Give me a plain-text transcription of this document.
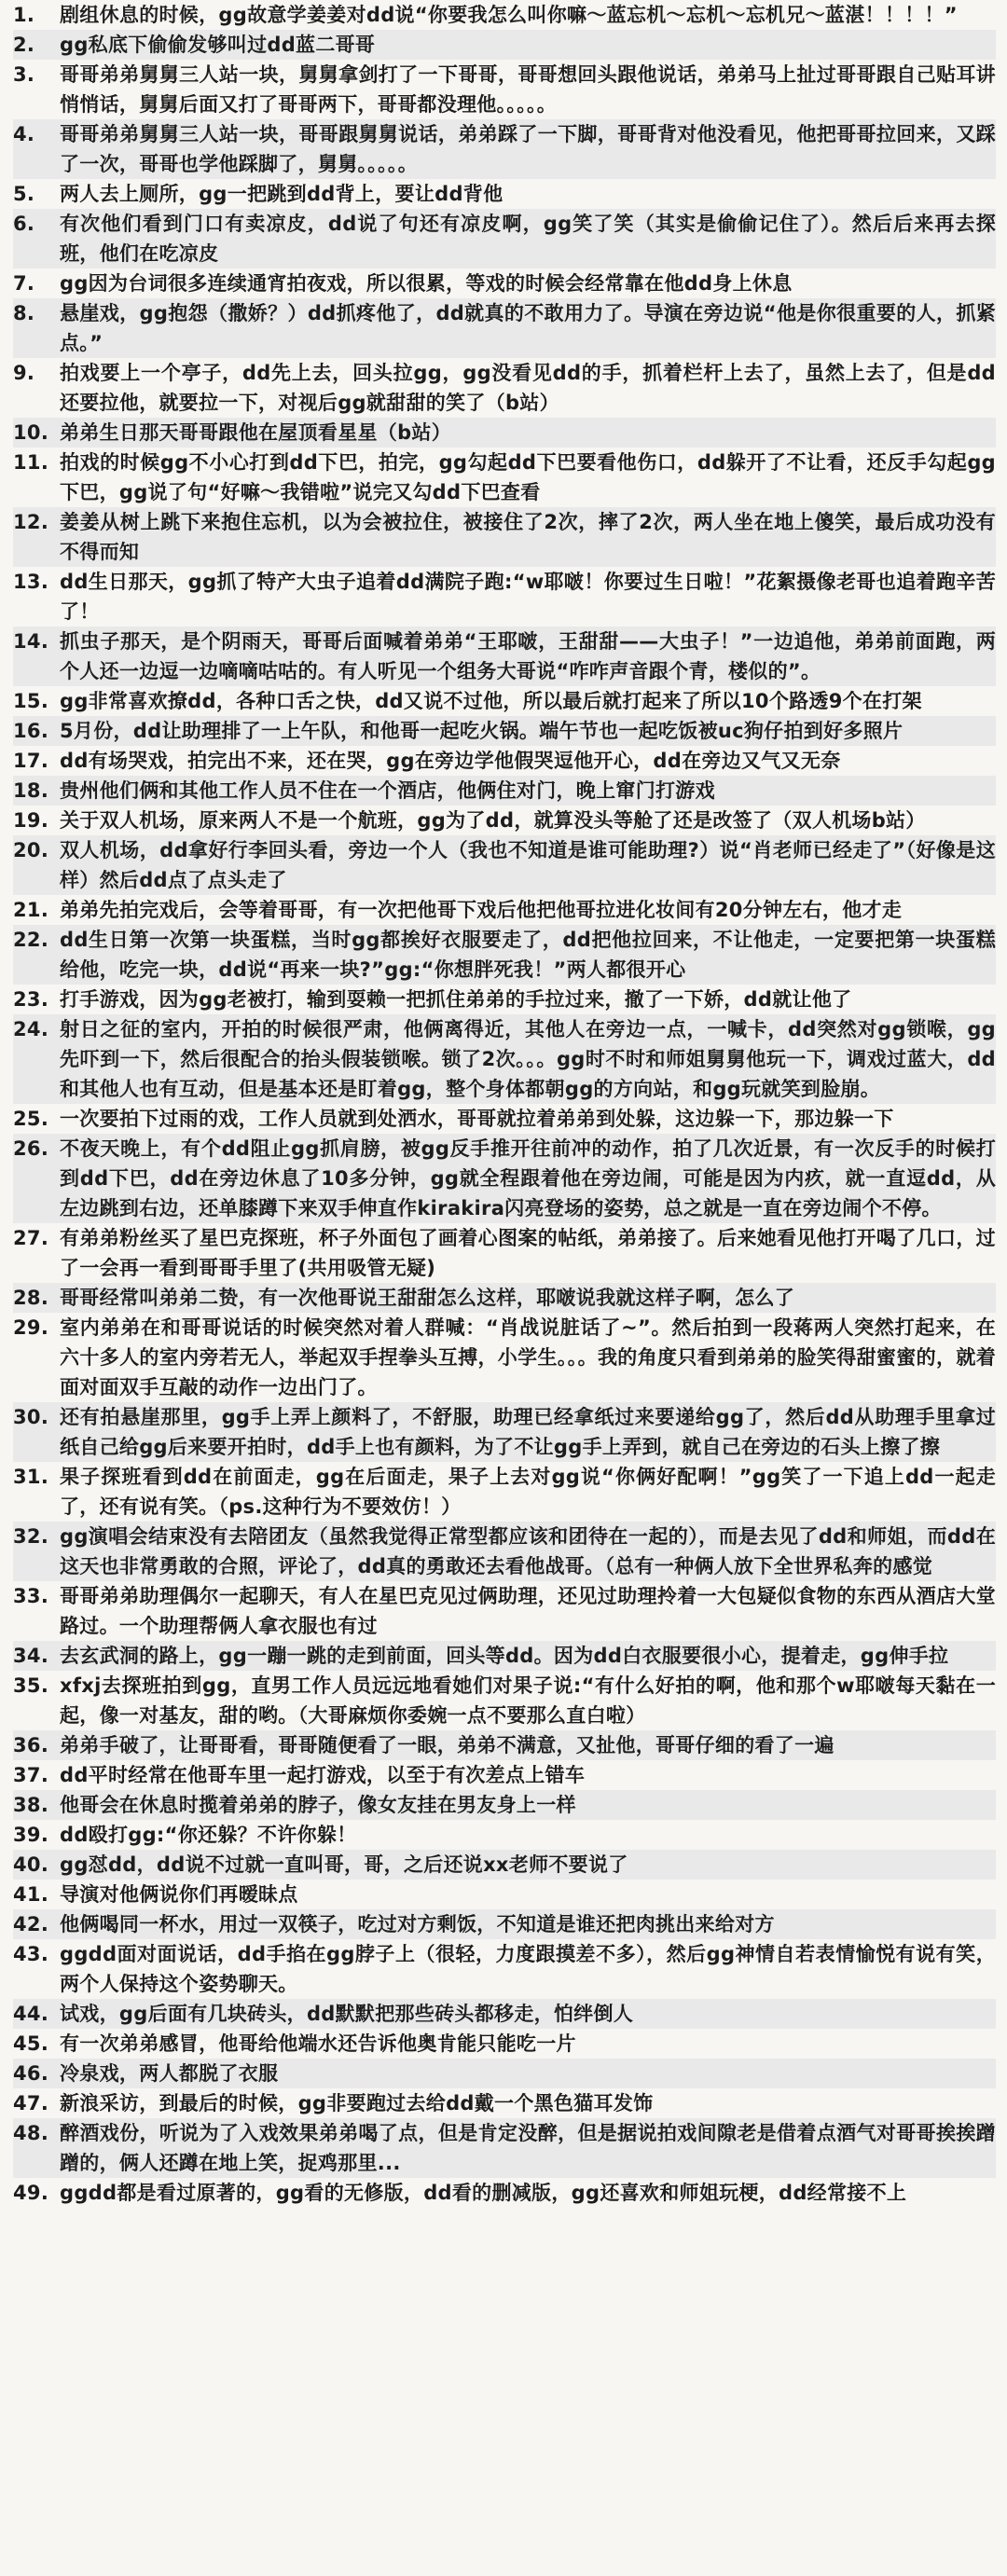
1.	剧组休息的时候，gg故意学姜姜对dd说“你要我怎么叫你嘛～蓝忘机～忘机～忘机兄～蓝湛！！！！”
2.	gg私底下偷偷发够叫过dd蓝二哥哥
3.	哥哥弟弟舅舅三人站一块，舅舅拿剑打了一下哥哥，哥哥想回头跟他说话，弟弟马上扯过哥哥跟自己贴耳讲悄悄话，舅舅后面又打了哥哥两下，哥哥都没理他。。。。。
4.	哥哥弟弟舅舅三人站一块，哥哥跟舅舅说话，弟弟踩了一下脚，哥哥背对他没看见，他把哥哥拉回来，又踩了一次，哥哥也学他踩脚了，舅舅。。。。。
5.	两人去上厕所，gg一把跳到dd背上，要让dd背他
6.	有次他们看到门口有卖凉皮，dd说了句还有凉皮啊，gg笑了笑（其实是偷偷记住了）。然后后来再去探班，他们在吃凉皮
7.	gg因为台词很多连续通宵拍夜戏，所以很累，等戏的时候会经常靠在他dd身上休息
8.	悬崖戏，gg抱怨（撒娇？）dd抓疼他了，dd就真的不敢用力了。导演在旁边说“他是你很重要的人，抓紧点。”
9.	拍戏要上一个亭子，dd先上去，回头拉gg，gg没看见dd的手，抓着栏杆上去了，虽然上去了，但是dd还要拉他，就要拉一下，对视后gg就甜甜的笑了（b站）
10. 弟弟生日那天哥哥跟他在屋顶看星星（b站）
11. 拍戏的时候gg不小心打到dd下巴，拍完，gg勾起dd下巴要看他伤口，dd躲开了不让看，还反手勾起gg下巴，gg说了句“好嘛～我错啦”说完又勾dd下巴查看
12. 姜姜从树上跳下来抱住忘机，以为会被拉住，被接住了2次，摔了2次，两人坐在地上傻笑，最后成功没有不得而知
13. dd生日那天，gg抓了特产大虫子追着dd满院子跑:“w耶啵！你要过生日啦！”花絮摄像老哥也追着跑辛苦了！
14. 抓虫子那天，是个阴雨天，哥哥后面喊着弟弟“王耶啵，王甜甜——大虫子！”一边追他，弟弟前面跑，两个人还一边逗一边嘀嘀咕咕的。有人听见一个组务大哥说“咋咋声音跟个青，楼似的”。
15. gg非常喜欢撩dd，各种口舌之快，dd又说不过他，所以最后就打起来了所以10个路透9个在打架
16. 5月份，dd让助理排了一上午队，和他哥一起吃火锅。端午节也一起吃饭被uc狗仔拍到好多照片
17. dd有场哭戏，拍完出不来，还在哭，gg在旁边学他假哭逗他开心，dd在旁边又气又无奈
18. 贵州他们俩和其他工作人员不住在一个酒店，他俩住对门，晚上窜门打游戏
19. 关于双人机场，原来两人不是一个航班，gg为了dd，就算没头等舱了还是改签了（双人机场b站）
20. 双人机场，dd拿好行李回头看，旁边一个人（我也不知道是谁可能助理?）说“肖老师已经走了”（好像是这样）然后dd点了点头走了
21. 弟弟先拍完戏后，会等着哥哥，有一次把他哥下戏后他把他哥拉进化妆间有20分钟左右，他才走
22. dd生日第一次第一块蛋糕，当时gg都挨好衣服要走了，dd把他拉回来，不让他走，一定要把第一块蛋糕给他，吃完一块，dd说“再来一块?”gg:“你想胖死我！”两人都很开心
23. 打手游戏，因为gg老被打，输到耍赖一把抓住弟弟的手拉过来，撤了一下娇，dd就让他了
24. 射日之征的室内，开拍的时候很严肃，他俩离得近，其他人在旁边一点，一喊卡，dd突然对gg锁喉，gg先吓到一下，然后很配合的抬头假装锁喉。锁了2次。。。gg时不时和师姐舅舅他玩一下，调戏过蓝大，dd和其他人也有互动，但是基本还是盯着gg，整个身体都朝gg的方向站，和gg玩就笑到脸崩。
25. 一次要拍下过雨的戏，工作人员就到处洒水，哥哥就拉着弟弟到处躲，这边躲一下，那边躲一下
26. 不夜天晚上，有个dd阻止gg抓肩膀，被gg反手推开往前冲的动作，拍了几次近景，有一次反手的时候打到dd下巴，dd在旁边休息了10多分钟，gg就全程跟着他在旁边闹，可能是因为内疚，就一直逗dd，从左边跳到右边，还单膝蹲下来双手伸直作kirakira闪亮登场的姿势，总之就是一直在旁边闹个不停。
27. 有弟弟粉丝买了星巴克探班，杯子外面包了画着心图案的帖纸，弟弟接了。后来她看见他打开喝了几口，过了一会再一看到哥哥手里了(共用吸管无疑)
28. 哥哥经常叫弟弟二贽，有一次他哥说王甜甜怎么这样，耶啵说我就这样子啊，怎么了
29. 室内弟弟在和哥哥说话的时候突然对着人群喊：“肖战说脏话了~”。然后拍到一段蒋两人突然打起来，在六十多人的室内旁若无人，举起双手捏拳头互搏，小学生。。。我的角度只看到弟弟的脸笑得甜蜜蜜的，就着面对面双手互敲的动作一边出门了。
30. 还有拍悬崖那里，gg手上弄上颜料了，不舒服，助理已经拿纸过来要递给gg了，然后dd从助理手里拿过纸自己给gg后来要开拍时，dd手上也有颜料，为了不让gg手上弄到，就自己在旁边的石头上擦了擦
31. 果子探班看到dd在前面走，gg在后面走，果子上去对gg说“你俩好配啊！”gg笑了一下追上dd一起走了，还有说有笑。（ps.这种行为不要效仿！）
32. gg演唱会结束没有去陪团友（虽然我觉得正常型都应该和团待在一起的），而是去见了dd和师姐，而dd在这天也非常勇敢的合照，评论了，dd真的勇敢还去看他战哥。（总有一种俩人放下全世界私奔的感觉
33. 哥哥弟弟助理偶尔一起聊天，有人在星巴克见过俩助理，还见过助理拎着一大包疑似食物的东西从酒店大堂路过。一个助理帮俩人拿衣服也有过
34. 去玄武洞的路上，gg一蹦一跳的走到前面，回头等dd。因为dd白衣服要很小心，提着走，gg伸手拉
35. xfxj去探班拍到gg，直男工作人员远远地看她们对果子说:“有什么好拍的啊，他和那个w耶啵每天黏在一起，像一对基友，甜的哟。（大哥麻烦你委婉一点不要那么直白啦）
36. 弟弟手破了，让哥哥看，哥哥随便看了一眼，弟弟不满意，又扯他，哥哥仔细的看了一遍
37. dd平时经常在他哥车里一起打游戏，以至于有次差点上错车
38. 他哥会在休息时揽着弟弟的脖子，像女友挂在男友身上一样
39. dd殴打gg:“你还躲？不许你躲！
40. gg怼dd，dd说不过就一直叫哥，哥，之后还说xx老师不要说了
41. 导演对他俩说你们再暧昧点
42. 他俩喝同一杯水，用过一双筷子，吃过对方剩饭，不知道是谁还把肉挑出来给对方
43. ggdd面对面说话，dd手掐在gg脖子上（很轻，力度跟摸差不多），然后gg神情自若表情愉悦有说有笑，两个人保持这个姿势聊天。
44. 试戏，gg后面有几块砖头，dd默默把那些砖头都移走，怕绊倒人
45. 有一次弟弟感冒，他哥给他端水还告诉他奥肯能只能吃一片
46. 冷泉戏，两人都脱了衣服
47. 新浪采访，到最后的时候，gg非要跑过去给dd戴一个黑色猫耳发饰
48. 醉酒戏份，听说为了入戏效果弟弟喝了点，但是肯定没醉，但是据说拍戏间隙老是借着点酒气对哥哥挨挨蹭蹭的，俩人还蹲在地上笑，捉鸡那里...
49. ggdd都是看过原著的，gg看的无修版，dd看的删减版，gg还喜欢和师姐玩梗，dd经常接不上
